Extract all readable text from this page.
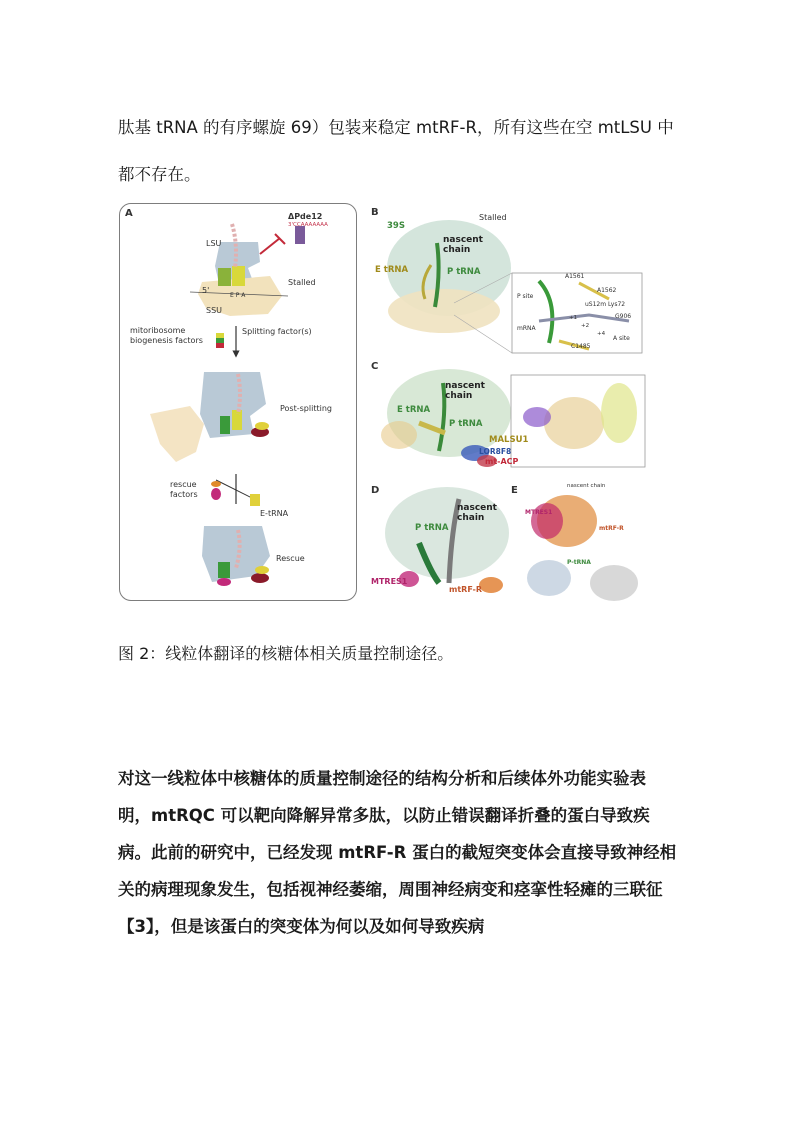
肽基 tRNA 的有序螺旋 69）包装来稳定 mtRF-R，所有这些在空 mtLSU 中都不存在。

A
LSU
SSU
5'
E P A
ΔPde12
3'CCAAAAAAA
Stalled
Splitting factor(s)
mitoribosome
biogenesis factors
Post-splitting
rescue
factors
E-tRNA
Rescue
B
39S
Stalled
nascent
chain
E tRNA	P tRNA	A1561
A1562
P site
uS12m Lys72
mRNA
G906
A site
C1485
+1
+2
+4
C
nascent
chain
E tRNA
P tRNA
MALSU1
LOR8F8
mt-ACP
D
nascent
chain
P tRNA
MTRES1
mtRF-R
E	nascent chain
MTRES1
mtRF-R
P-tRNA

图 2：线粒体翻译的核糖体相关质量控制途径。

对这一线粒体中核糖体的质量控制途径的结构分析和后续体外功能实验表明，mtRQC 可以靶向降解异常多肽，以防止错误翻译折叠的蛋白导致疾病。此前的研究中，已经发现 mtRF-R 蛋白的截短突变体会直接导致神经相关的病理现象发生，包括视神经萎缩，周围神经病变和痉挛性轻瘫的三联征【3】，但是该蛋白的突变体为何以及如何导致疾病
